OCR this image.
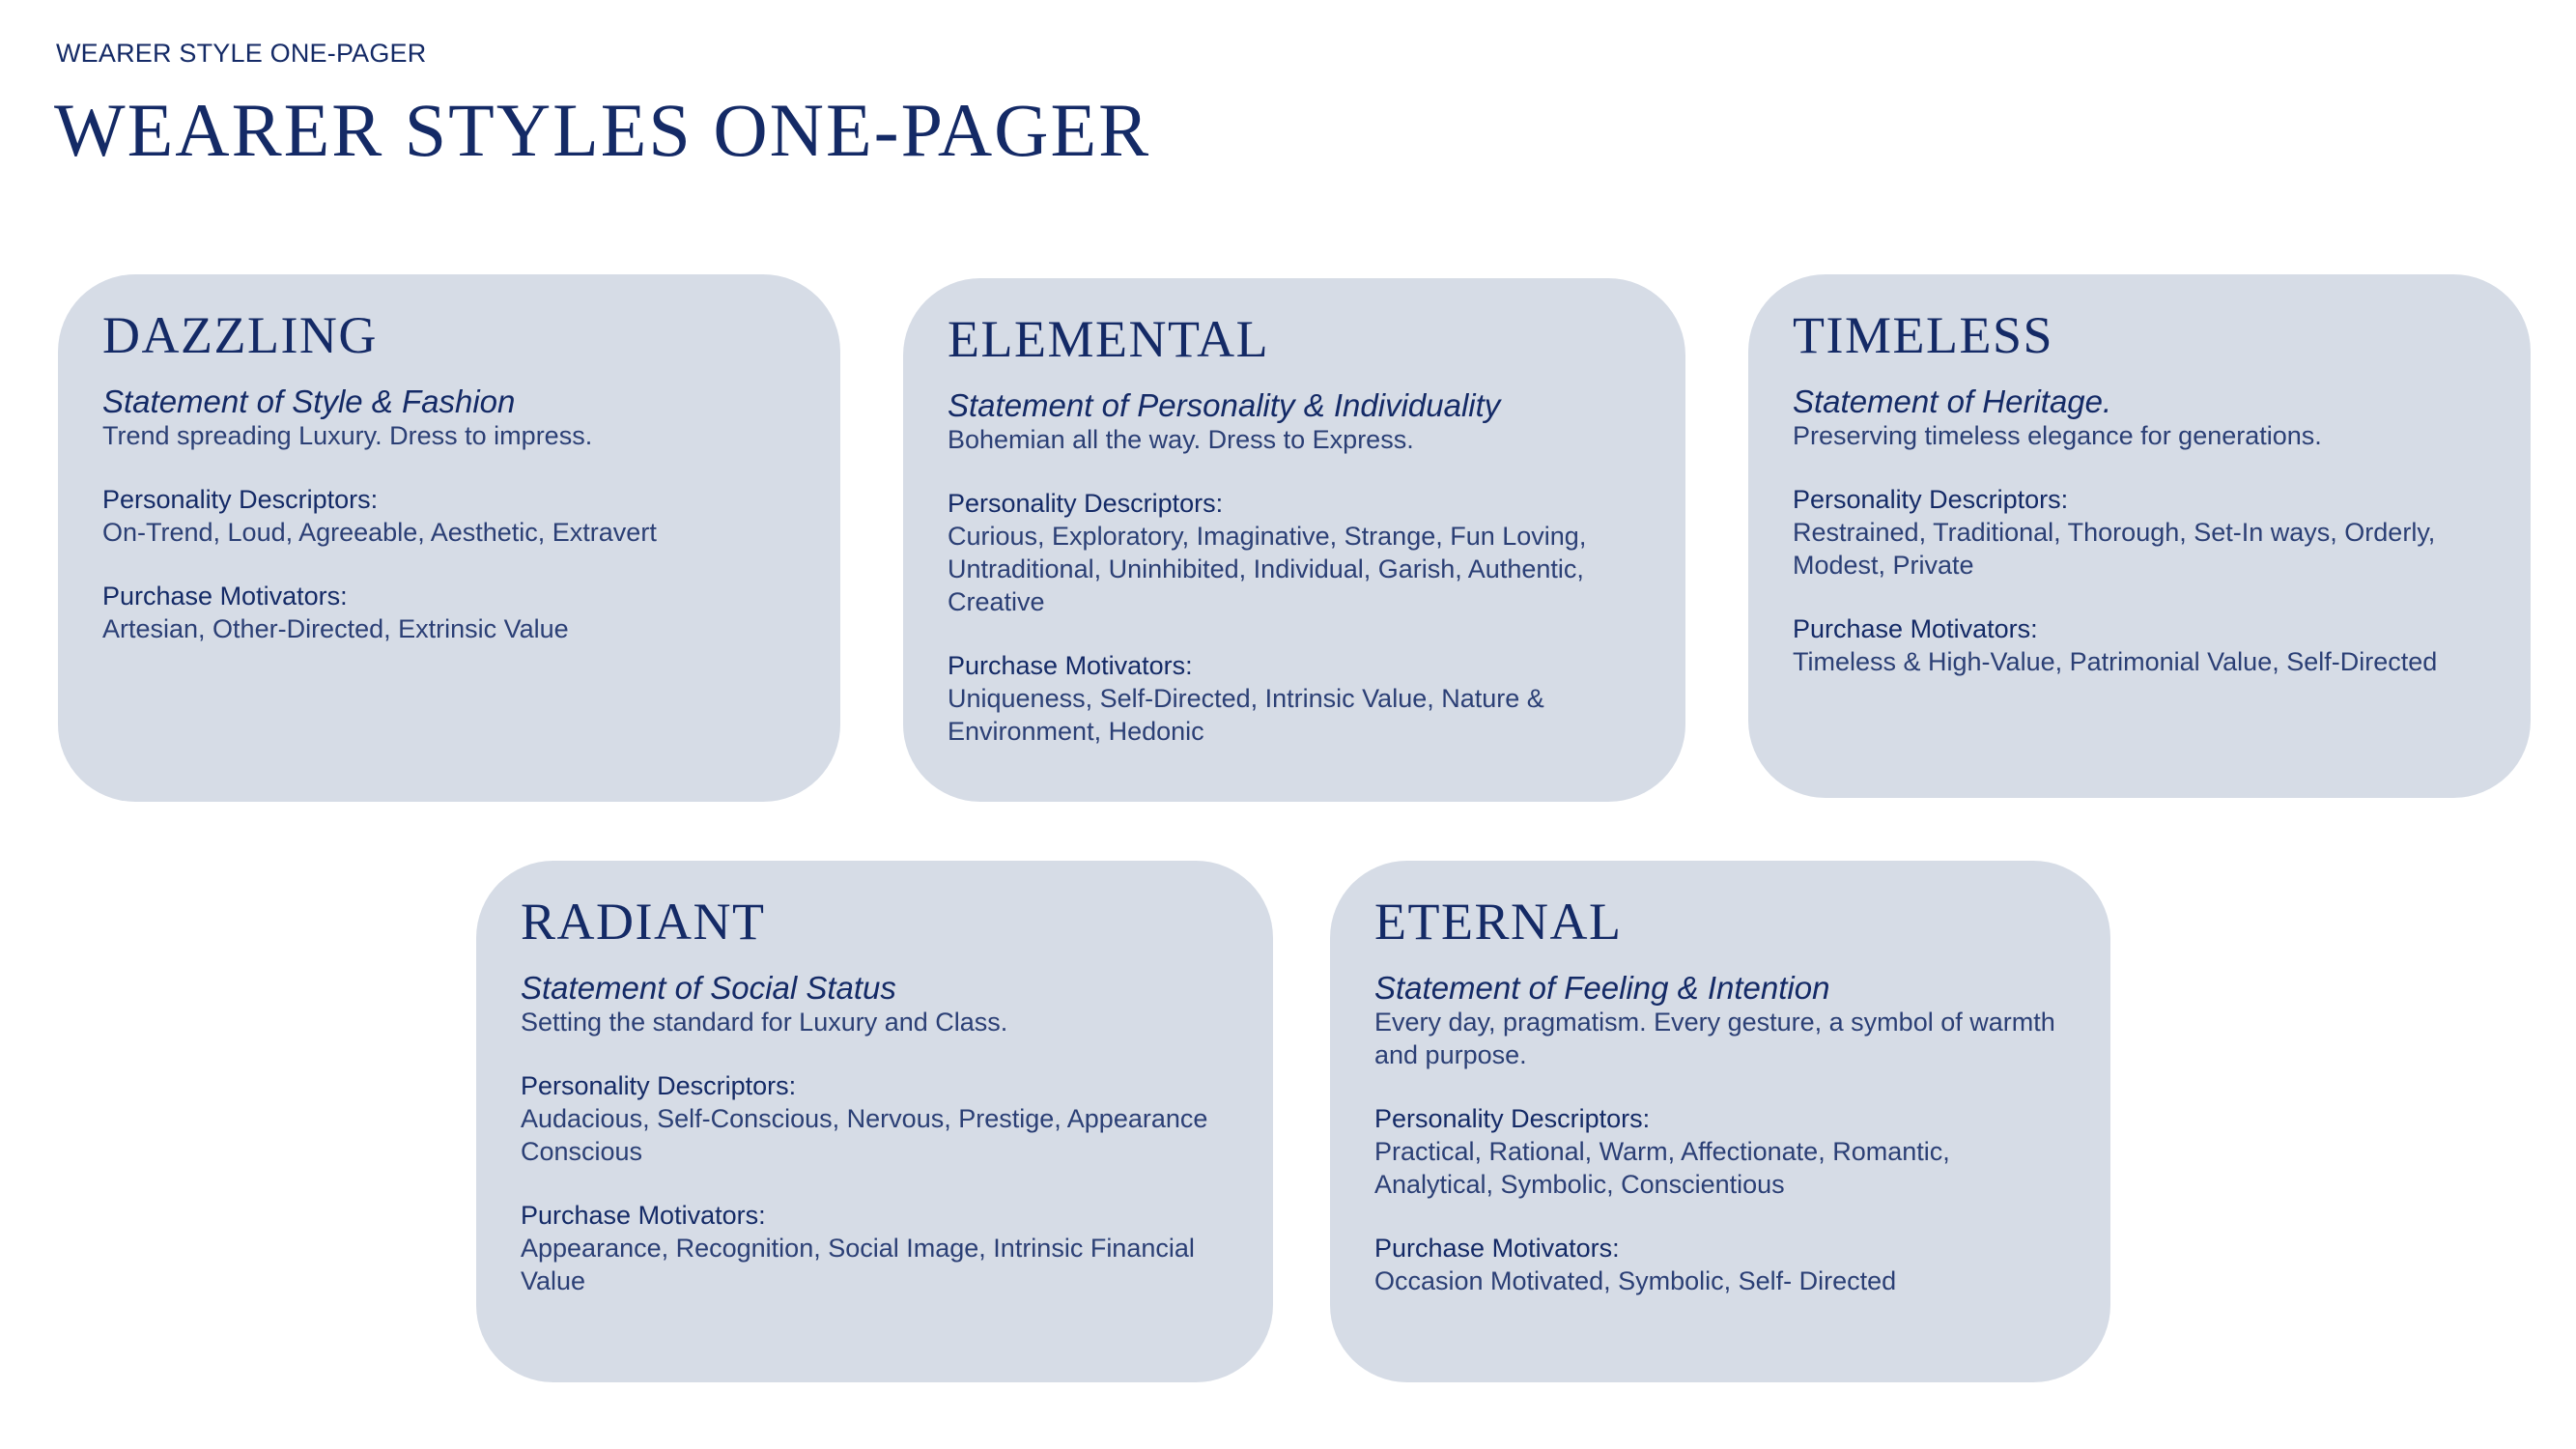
WEARER STYLE ONE-PAGER
WEARER STYLES ONE-PAGER
DAZZLING
Statement of Style & Fashion
Trend spreading Luxury. Dress to impress.
Personality Descriptors:
On-Trend, Loud, Agreeable, Aesthetic, Extravert
Purchase Motivators:
Artesian, Other-Directed, Extrinsic Value
ELEMENTAL
Statement of Personality & Individuality
Bohemian all the way. Dress to Express.
Personality Descriptors:
Curious, Exploratory, Imaginative, Strange, Fun Loving, Untraditional, Uninhibited, Individual, Garish, Authentic, Creative
Purchase Motivators:
Uniqueness, Self-Directed, Intrinsic Value, Nature & Environment, Hedonic
TIMELESS
Statement of Heritage.
Preserving timeless elegance for generations.
Personality Descriptors:
Restrained, Traditional, Thorough, Set-In ways, Orderly, Modest, Private
Purchase Motivators:
Timeless & High-Value, Patrimonial Value, Self-Directed
RADIANT
Statement of Social Status
Setting the standard for Luxury and Class.
Personality Descriptors:
Audacious, Self-Conscious, Nervous, Prestige, Appearance Conscious
Purchase Motivators:
Appearance, Recognition, Social Image, Intrinsic Financial Value
ETERNAL
Statement of Feeling & Intention
Every day, pragmatism. Every gesture, a symbol of warmth and purpose.
Personality Descriptors:
Practical, Rational, Warm, Affectionate, Romantic, Analytical, Symbolic, Conscientious
Purchase Motivators:
Occasion Motivated, Symbolic, Self- Directed
